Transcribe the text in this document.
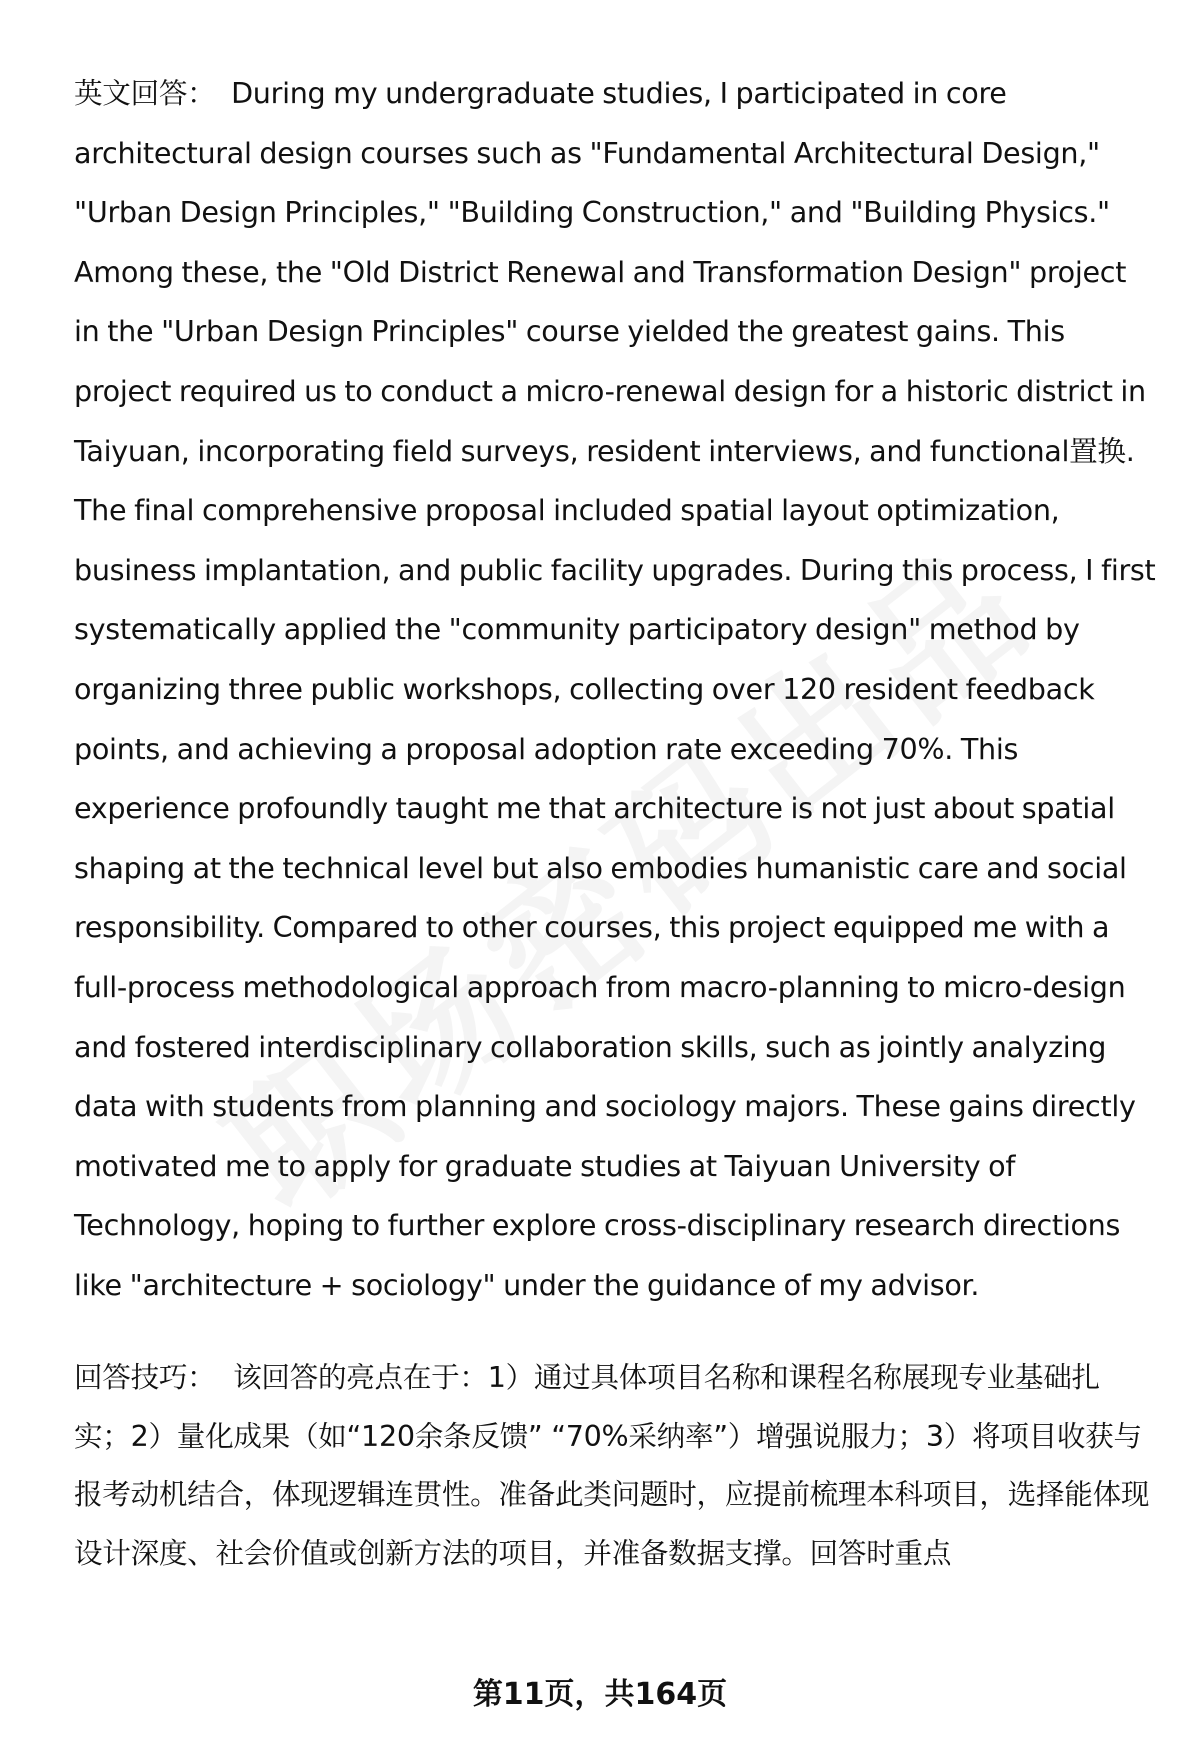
英文回答： During my undergraduate studies, I participated in core architectural design courses such as "Fundamental Architectural Design," "Urban Design Principles," "Building Construction," and "Building Physics." Among these, the "Old District Renewal and Transformation Design" project in the "Urban Design Principles" course yielded the greatest gains. This project required us to conduct a micro-renewal design for a historic district in Taiyuan, incorporating field surveys, resident interviews, and functional置换. The final comprehensive proposal included spatial layout optimization, business implantation, and public facility upgrades. During this process, I first systematically applied the "community participatory design" method by organizing three public workshops, collecting over 120 resident feedback points, and achieving a proposal adoption rate exceeding 70%. This experience profoundly taught me that architecture is not just about spatial shaping at the technical level but also embodies humanistic care and social responsibility. Compared to other courses, this project equipped me with a full-process methodological approach from macro-planning to micro-design and fostered interdisciplinary collaboration skills, such as jointly analyzing data with students from planning and sociology majors. These gains directly motivated me to apply for graduate studies at Taiyuan University of Technology, hoping to further explore cross-disciplinary research directions like "architecture + sociology" under the guidance of my advisor.

回答技巧： 该回答的亮点在于：1）通过具体项目名称和课程名称展现专业基础扎实；2）量化成果（如“120余条反馈” “70%采纳率”）增强说服力；3）将项目收获与报考动机结合，体现逻辑连贯性。准备此类问题时，应提前梳理本科项目，选择能体现设计深度、社会价值或创新方法的项目，并准备数据支撑。回答时重点
第11页，共164页
